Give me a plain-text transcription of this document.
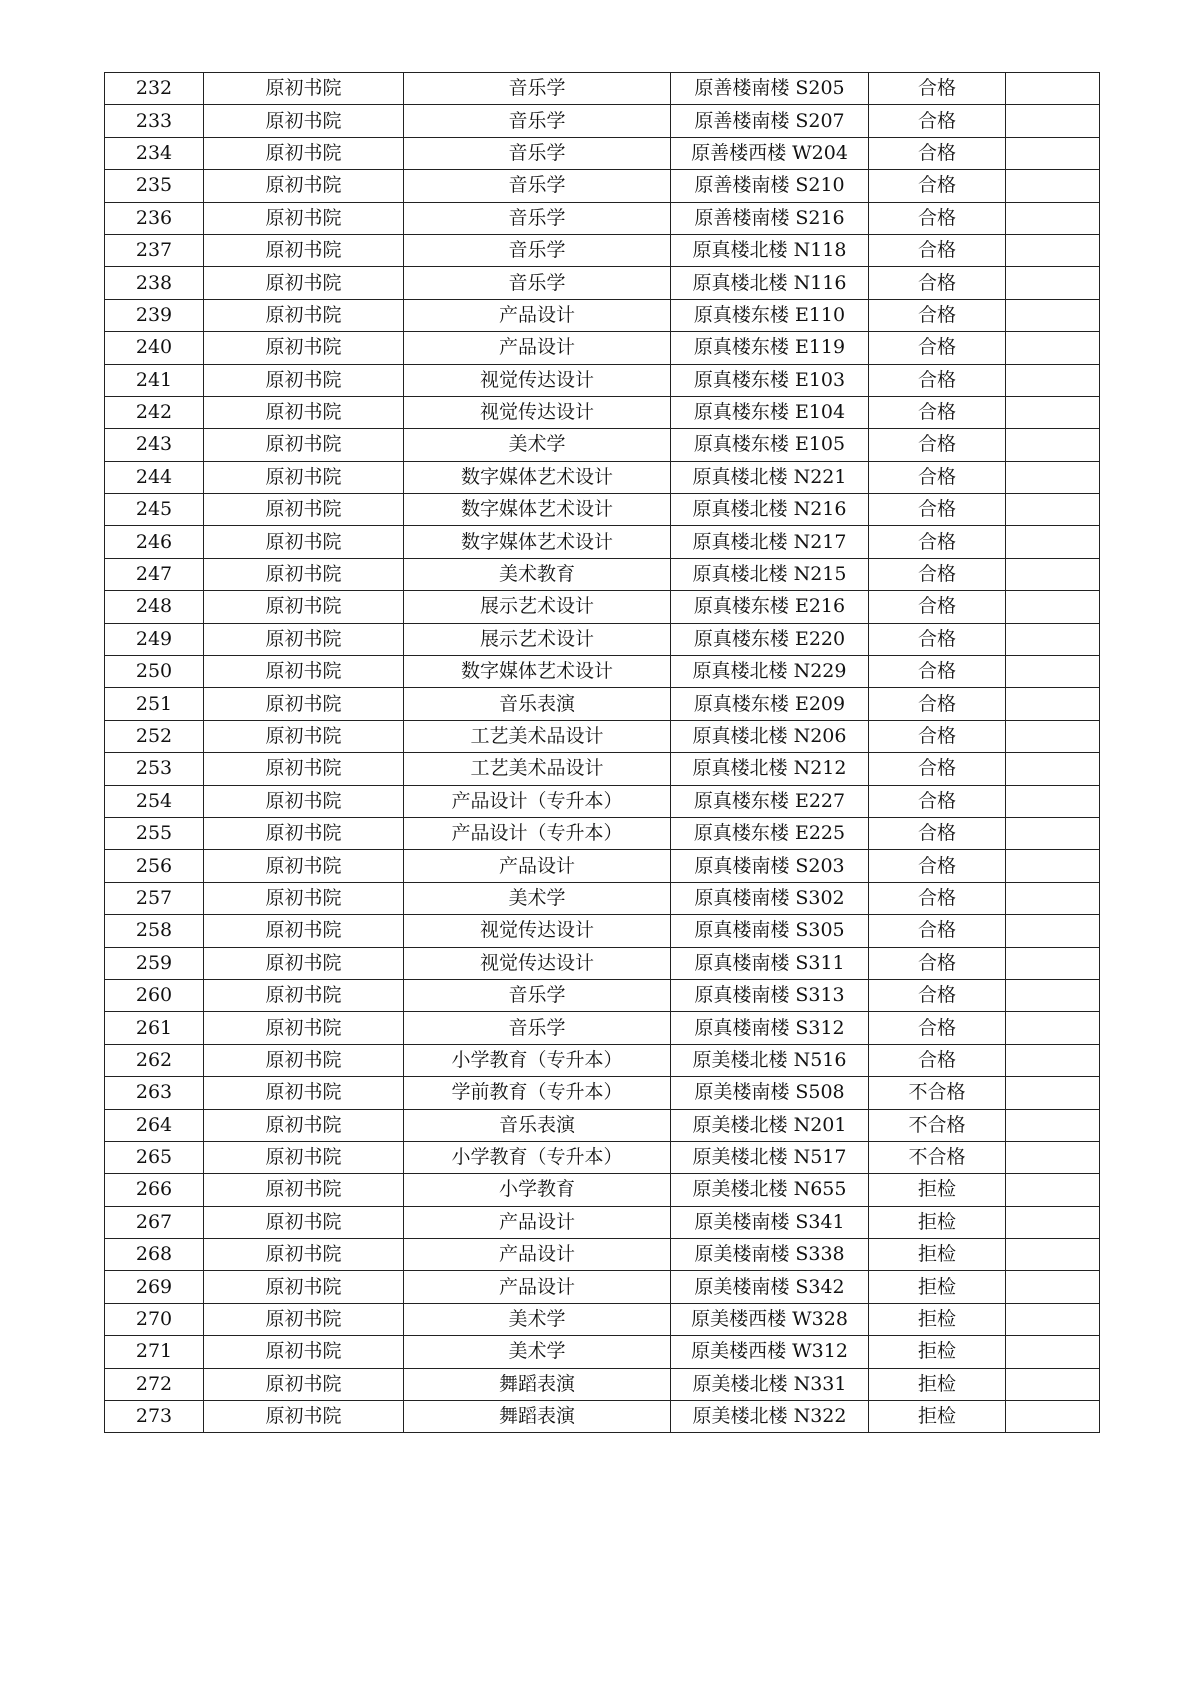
232	原初书院	音乐学	原善楼南楼 S205	合格	
233	原初书院	音乐学	原善楼南楼 S207	合格	
234	原初书院	音乐学	原善楼西楼 W204	合格	
235	原初书院	音乐学	原善楼南楼 S210	合格	
236	原初书院	音乐学	原善楼南楼 S216	合格	
237	原初书院	音乐学	原真楼北楼 N118	合格	
238	原初书院	音乐学	原真楼北楼 N116	合格	
239	原初书院	产品设计	原真楼东楼 E110	合格	
240	原初书院	产品设计	原真楼东楼 E119	合格	
241	原初书院	视觉传达设计	原真楼东楼 E103	合格	
242	原初书院	视觉传达设计	原真楼东楼 E104	合格	
243	原初书院	美术学	原真楼东楼 E105	合格	
244	原初书院	数字媒体艺术设计	原真楼北楼 N221	合格	
245	原初书院	数字媒体艺术设计	原真楼北楼 N216	合格	
246	原初书院	数字媒体艺术设计	原真楼北楼 N217	合格	
247	原初书院	美术教育	原真楼北楼 N215	合格	
248	原初书院	展示艺术设计	原真楼东楼 E216	合格	
249	原初书院	展示艺术设计	原真楼东楼 E220	合格	
250	原初书院	数字媒体艺术设计	原真楼北楼 N229	合格	
251	原初书院	音乐表演	原真楼东楼 E209	合格	
252	原初书院	工艺美术品设计	原真楼北楼 N206	合格	
253	原初书院	工艺美术品设计	原真楼北楼 N212	合格	
254	原初书院	产品设计（专升本）	原真楼东楼 E227	合格	
255	原初书院	产品设计（专升本）	原真楼东楼 E225	合格	
256	原初书院	产品设计	原真楼南楼 S203	合格	
257	原初书院	美术学	原真楼南楼 S302	合格	
258	原初书院	视觉传达设计	原真楼南楼 S305	合格	
259	原初书院	视觉传达设计	原真楼南楼 S311	合格	
260	原初书院	音乐学	原真楼南楼 S313	合格	
261	原初书院	音乐学	原真楼南楼 S312	合格	
262	原初书院	小学教育（专升本）	原美楼北楼 N516	合格	
263	原初书院	学前教育（专升本）	原美楼南楼 S508	不合格	
264	原初书院	音乐表演	原美楼北楼 N201	不合格	
265	原初书院	小学教育（专升本）	原美楼北楼 N517	不合格	
266	原初书院	小学教育	原美楼北楼 N655	拒检	
267	原初书院	产品设计	原美楼南楼 S341	拒检	
268	原初书院	产品设计	原美楼南楼 S338	拒检	
269	原初书院	产品设计	原美楼南楼 S342	拒检	
270	原初书院	美术学	原美楼西楼 W328	拒检	
271	原初书院	美术学	原美楼西楼 W312	拒检	
272	原初书院	舞蹈表演	原美楼北楼 N331	拒检	
273	原初书院	舞蹈表演	原美楼北楼 N322	拒检	
